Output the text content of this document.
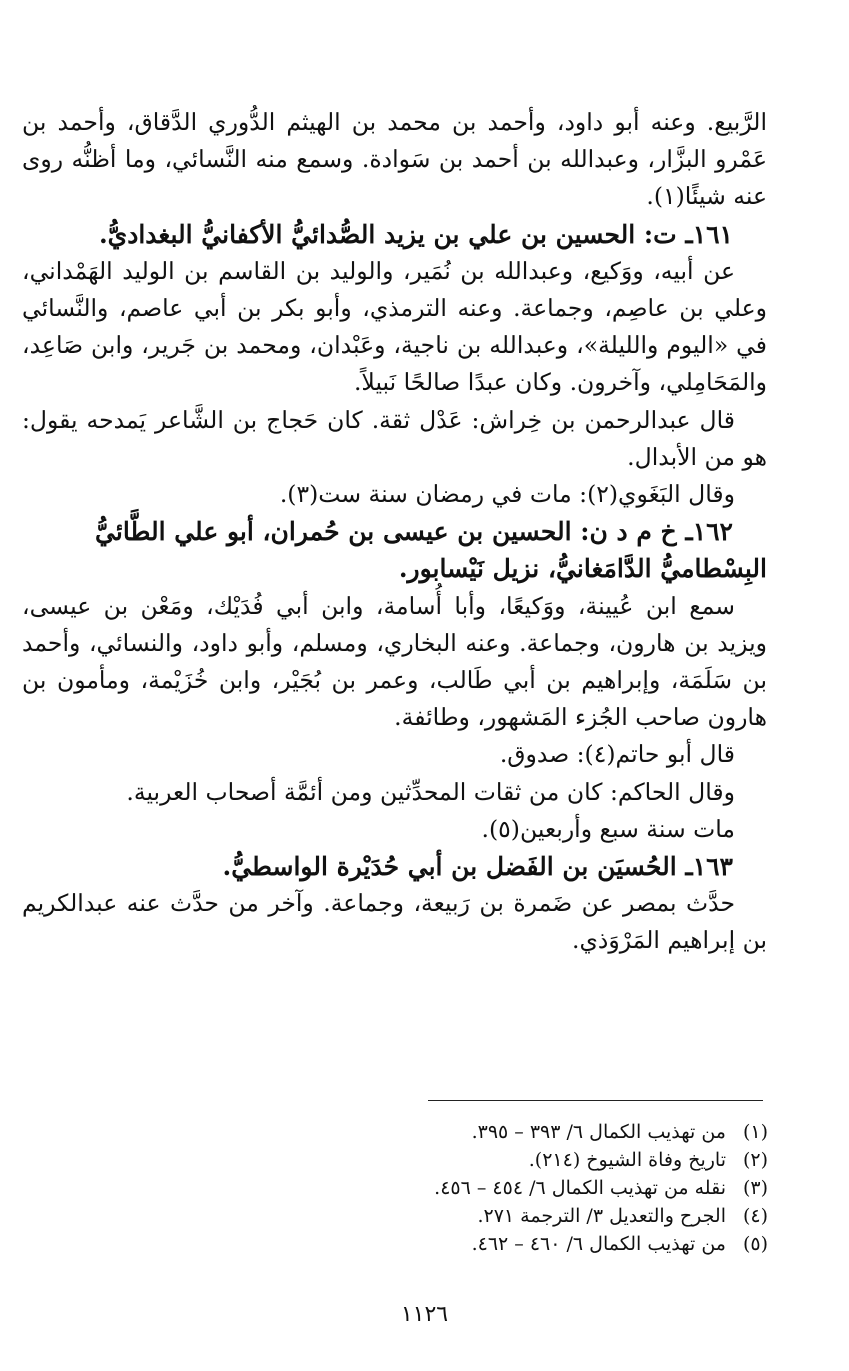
الرَّبيع. وعنه أبو داود، وأحمد بن محمد بن الهيثم الدُّوري الدَّقاق، وأحمد بن عَمْرو البزَّار، وعبدالله بن أحمد بن سَوادة. وسمع منه النَّسائي، وما أظنُّه روى عنه شيئًا(١).

١٦١ـ ت: الحسين بن علي بن يزيد الصُّدائيُّ الأكفانيُّ البغداديُّ.

عن أبيه، ووَكيع، وعبدالله بن نُمَير، والوليد بن القاسم بن الوليد الهَمْداني، وعلي بن عاصِم، وجماعة. وعنه الترمذي، وأبو بكر بن أبي عاصم، والنَّسائي في «اليوم والليلة»، وعبدالله بن ناجية، وعَبْدان، ومحمد بن جَرير، وابن صَاعِد، والمَحَامِلي، وآخرون. وكان عبدًا صالحًا نَبيلاً.

قال عبدالرحمن بن خِراش: عَدْل ثقة. كان حَجاج بن الشَّاعر يَمدحه يقول: هو من الأبدال.

وقال البَغَوي(٢): مات في رمضان سنة ست(٣).

١٦٢ـ خ م د ن: الحسين بن عيسى بن حُمران، أبو علي الطَّائيُّ البِسْطاميُّ الدَّامَغانيُّ، نزيل نَيْسابور.

سمع ابن عُيينة، ووَكيعًا، وأبا أُسامة، وابن أبي فُدَيْك، ومَعْن بن عيسى، ويزيد بن هارون، وجماعة. وعنه البخاري، ومسلم، وأبو داود، والنسائي، وأحمد بن سَلَمَة، وإبراهيم بن أبي طَالب، وعمر بن بُجَيْر، وابن خُزَيْمة، ومأمون بن هارون صاحب الجُزء المَشهور، وطائفة.

قال أبو حاتم(٤): صدوق.

وقال الحاكم: كان من ثقات المحدِّثين ومن أئمَّة أصحاب العربية.

مات سنة سبع وأربعين(٥).

١٦٣ـ الحُسيَن بن الفَضل بن أبي حُدَيْرة الواسطيُّ.

حدَّث بمصر عن ضَمرة بن رَبيعة، وجماعة. وآخر من حدَّث عنه عبدالكريم بن إبراهيم المَرْوَذي.

(١)
من تهذيب الكمال ٦/ ٣٩٣ – ٣٩٥.
(٢)
تاريخ وفاة الشيوخ (٢١٤).
(٣)
نقله من تهذيب الكمال ٦/ ٤٥٤ – ٤٥٦.
(٤)
الجرح والتعديل ٣/ الترجمة ٢٧١.
(٥)
من تهذيب الكمال ٦/ ٤٦٠ – ٤٦٢.
١١٢٦
